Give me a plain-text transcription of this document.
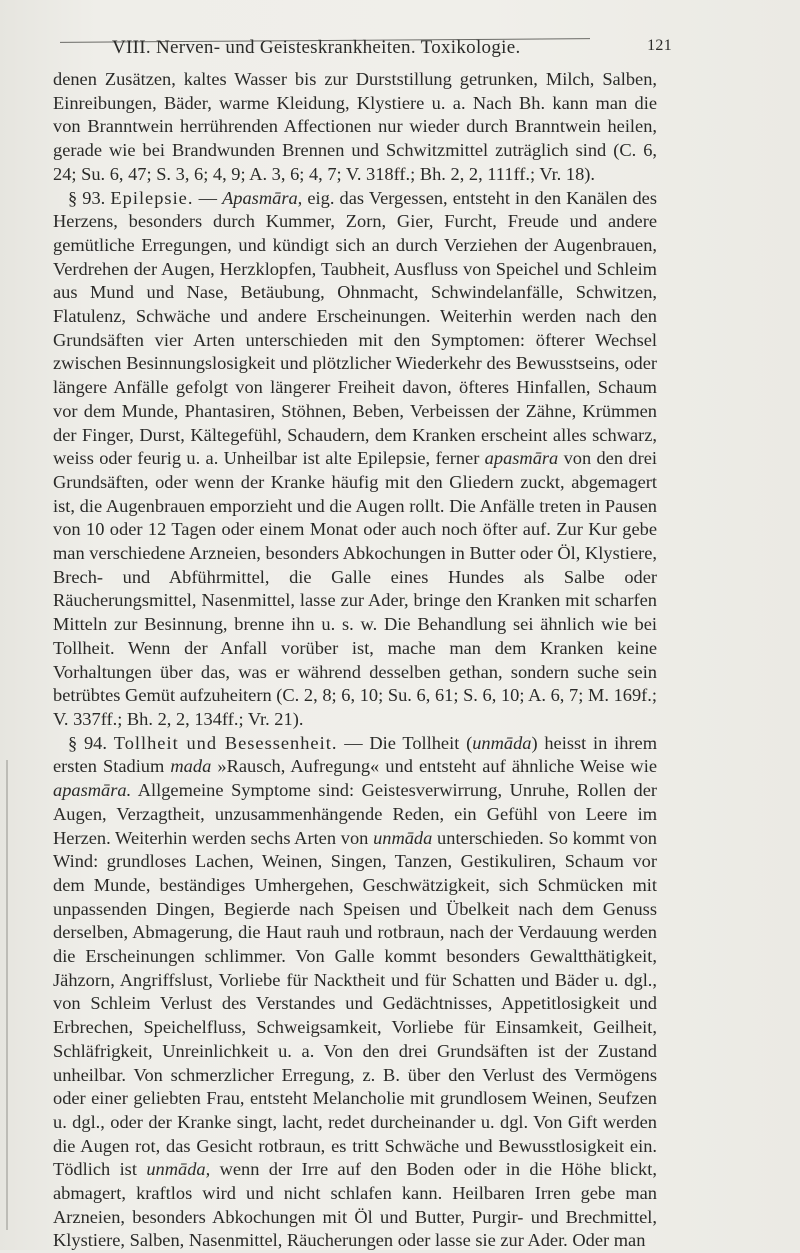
VIII. Nerven- und Geisteskrankheiten. Toxikologie.	121

denen Zusätzen, kaltes Wasser bis zur Durststillung getrunken, Milch, Salben, Einreibungen, Bäder, warme Kleidung, Klystiere u. a. Nach Bh. kann man die von Branntwein herrührenden Affectionen nur wieder durch Branntwein heilen, gerade wie bei Brandwunden Brennen und Schwitzmittel zuträglich sind (C. 6, 24; Su. 6, 47; S. 3, 6; 4, 9; A. 3, 6; 4, 7; V. 318ff.; Bh. 2, 2, 111ff.; Vr. 18).

§ 93. Epilepsie. — Apasmāra, eig. das Vergessen, entsteht in den Kanälen des Herzens, besonders durch Kummer, Zorn, Gier, Furcht, Freude und andere gemütliche Erregungen, und kündigt sich an durch Verziehen der Augenbrauen, Verdrehen der Augen, Herzklopfen, Taubheit, Ausfluss von Speichel und Schleim aus Mund und Nase, Betäubung, Ohnmacht, Schwindelanfälle, Schwitzen, Flatulenz, Schwäche und andere Erscheinungen. Weiterhin werden nach den Grundsäften vier Arten unterschieden mit den Symptomen: öfterer Wechsel zwischen Besinnungslosigkeit und plötzlicher Wiederkehr des Bewusstseins, oder längere Anfälle gefolgt von längerer Freiheit davon, öfteres Hinfallen, Schaum vor dem Munde, Phantasiren, Stöhnen, Beben, Verbeissen der Zähne, Krümmen der Finger, Durst, Kältegefühl, Schaudern, dem Kranken erscheint alles schwarz, weiss oder feurig u. a. Unheilbar ist alte Epilepsie, ferner apasmāra von den drei Grundsäften, oder wenn der Kranke häufig mit den Gliedern zuckt, abgemagert ist, die Augenbrauen emporzieht und die Augen rollt. Die Anfälle treten in Pausen von 10 oder 12 Tagen oder einem Monat oder auch noch öfter auf. Zur Kur gebe man verschiedene Arzneien, besonders Abkochungen in Butter oder Öl, Klystiere, Brech- und Abführmittel, die Galle eines Hundes als Salbe oder Räucherungsmittel, Nasenmittel, lasse zur Ader, bringe den Kranken mit scharfen Mitteln zur Besinnung, brenne ihn u. s. w. Die Behandlung sei ähnlich wie bei Tollheit. Wenn der Anfall vorüber ist, mache man dem Kranken keine Vorhaltungen über das, was er während desselben gethan, sondern suche sein betrübtes Gemüt aufzuheitern (C. 2, 8; 6, 10; Su. 6, 61; S. 6, 10; A. 6, 7; M. 169f.; V. 337ff.; Bh. 2, 2, 134ff.; Vr. 21).

§ 94. Tollheit und Besessenheit. — Die Tollheit (unmāda) heisst in ihrem ersten Stadium mada »Rausch, Aufregung« und entsteht auf ähnliche Weise wie apasmāra. Allgemeine Symptome sind: Geistesverwirrung, Unruhe, Rollen der Augen, Verzagtheit, unzusammenhängende Reden, ein Gefühl von Leere im Herzen. Weiterhin werden sechs Arten von unmāda unterschieden. So kommt von Wind: grundloses Lachen, Weinen, Singen, Tanzen, Gestikuliren, Schaum vor dem Munde, beständiges Umhergehen, Geschwätzigkeit, sich Schmücken mit unpassenden Dingen, Begierde nach Speisen und Übelkeit nach dem Genuss derselben, Abmagerung, die Haut rauh und rotbraun, nach der Verdauung werden die Erscheinungen schlimmer. Von Galle kommt besonders Gewaltthätigkeit, Jähzorn, Angriffslust, Vorliebe für Nacktheit und für Schatten und Bäder u. dgl., von Schleim Verlust des Verstandes und Gedächtnisses, Appetitlosigkeit und Erbrechen, Speichelfluss, Schweigsamkeit, Vorliebe für Einsamkeit, Geilheit, Schläfrigkeit, Unreinlichkeit u. a. Von den drei Grundsäften ist der Zustand unheilbar. Von schmerzlicher Erregung, z. B. über den Verlust des Vermögens oder einer geliebten Frau, entsteht Melancholie mit grundlosem Weinen, Seufzen u. dgl., oder der Kranke singt, lacht, redet durcheinander u. dgl. Von Gift werden die Augen rot, das Gesicht rotbraun, es tritt Schwäche und Bewusstlosigkeit ein. Tödlich ist unmāda, wenn der Irre auf den Boden oder in die Höhe blickt, abmagert, kraftlos wird und nicht schlafen kann. Heilbaren Irren gebe man Arzneien, besonders Abkochungen mit Öl und Butter, Purgir- und Brechmittel, Klystiere, Salben, Nasenmittel, Räucherungen oder lasse sie zur Ader. Oder man
